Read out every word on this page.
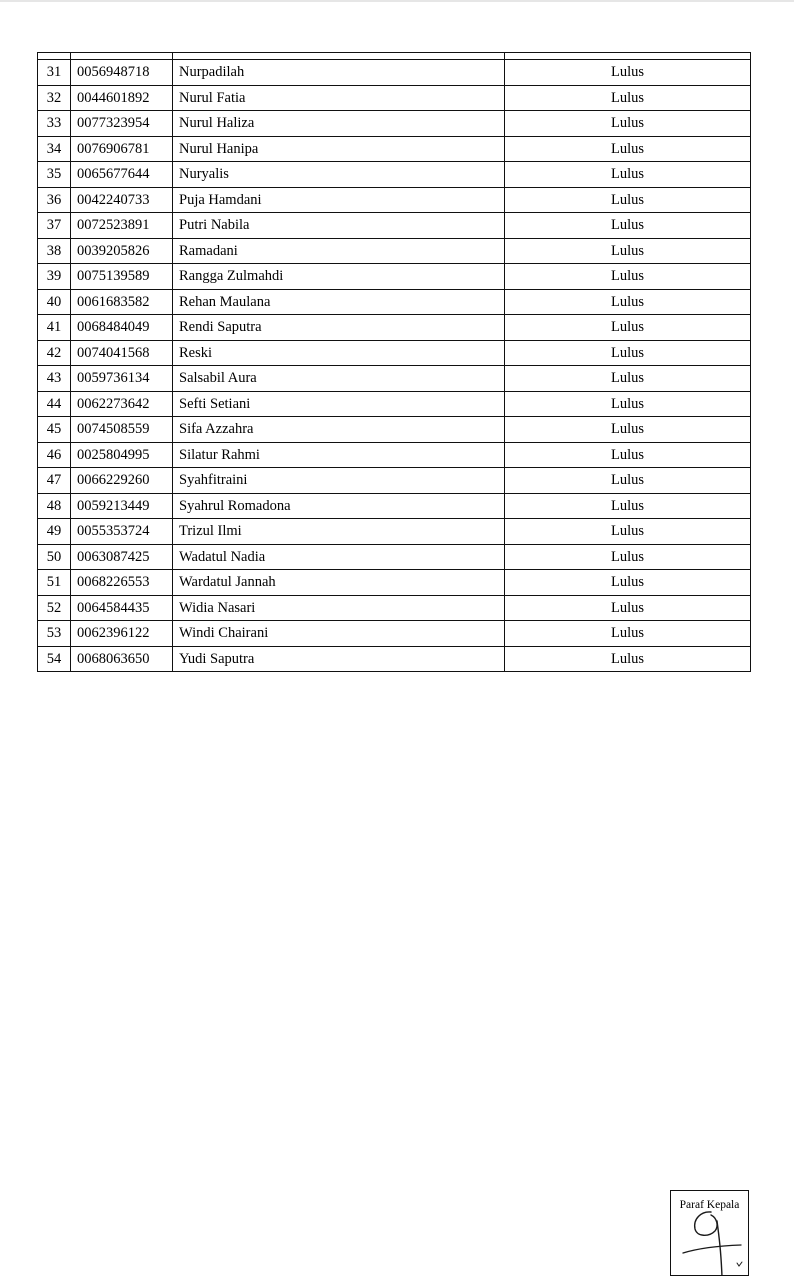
31	0056948718	Nurpadilah	Lulus
32	0044601892	Nurul Fatia	Lulus
33	0077323954	Nurul Haliza	Lulus
34	0076906781	Nurul Hanipa	Lulus
35	0065677644	Nuryalis	Lulus
36	0042240733	Puja Hamdani	Lulus
37	0072523891	Putri Nabila	Lulus
38	0039205826	Ramadani	Lulus
39	0075139589	Rangga Zulmahdi	Lulus
40	0061683582	Rehan Maulana	Lulus
41	0068484049	Rendi Saputra	Lulus
42	0074041568	Reski	Lulus
43	0059736134	Salsabil Aura	Lulus
44	0062273642	Sefti Setiani	Lulus
45	0074508559	Sifa Azzahra	Lulus
46	0025804995	Silatur Rahmi	Lulus
47	0066229260	Syahfitraini	Lulus
48	0059213449	Syahrul Romadona	Lulus
49	0055353724	Trizul Ilmi	Lulus
50	0063087425	Wadatul Nadia	Lulus
51	0068226553	Wardatul Jannah	Lulus
52	0064584435	Widia Nasari	Lulus
53	0062396122	Windi Chairani	Lulus
54	0068063650	Yudi Saputra	Lulus
Paraf Kepala
